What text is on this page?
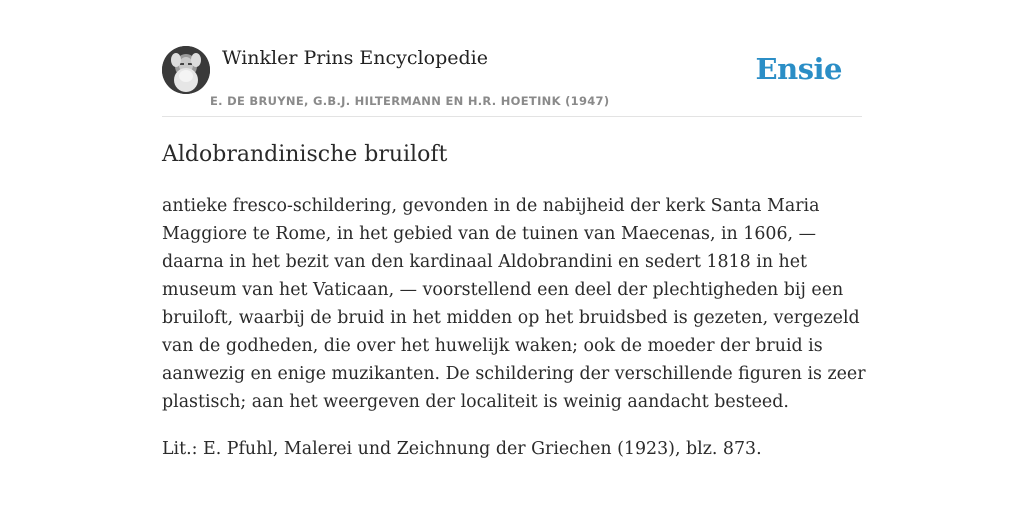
Winkler Prins Encyclopedie
E. DE BRUYNE, G.B.J. HILTERMANN EN H.R. HOETINK (1947)
Ensie
Aldobrandinische bruiloft

antieke fresco-schildering, gevonden in de nabijheid der kerk Santa Maria Maggiore te Rome, in het gebied van de tuinen van Maecenas, in 1606, — daarna in het bezit van den kardinaal Aldobrandini en sedert 1818 in het museum van het Vaticaan, — voorstellend een deel der plechtigheden bij een bruiloft, waarbij de bruid in het midden op het bruidsbed is gezeten, vergezeld van de godheden, die over het huwelijk waken; ook de moeder der bruid is aanwezig en enige muzikanten. De schildering der verschillende figuren is zeer plastisch; aan het weergeven der localiteit is weinig aandacht besteed.

Lit.: E. Pfuhl, Malerei und Zeichnung der Griechen (1923), blz. 873.
